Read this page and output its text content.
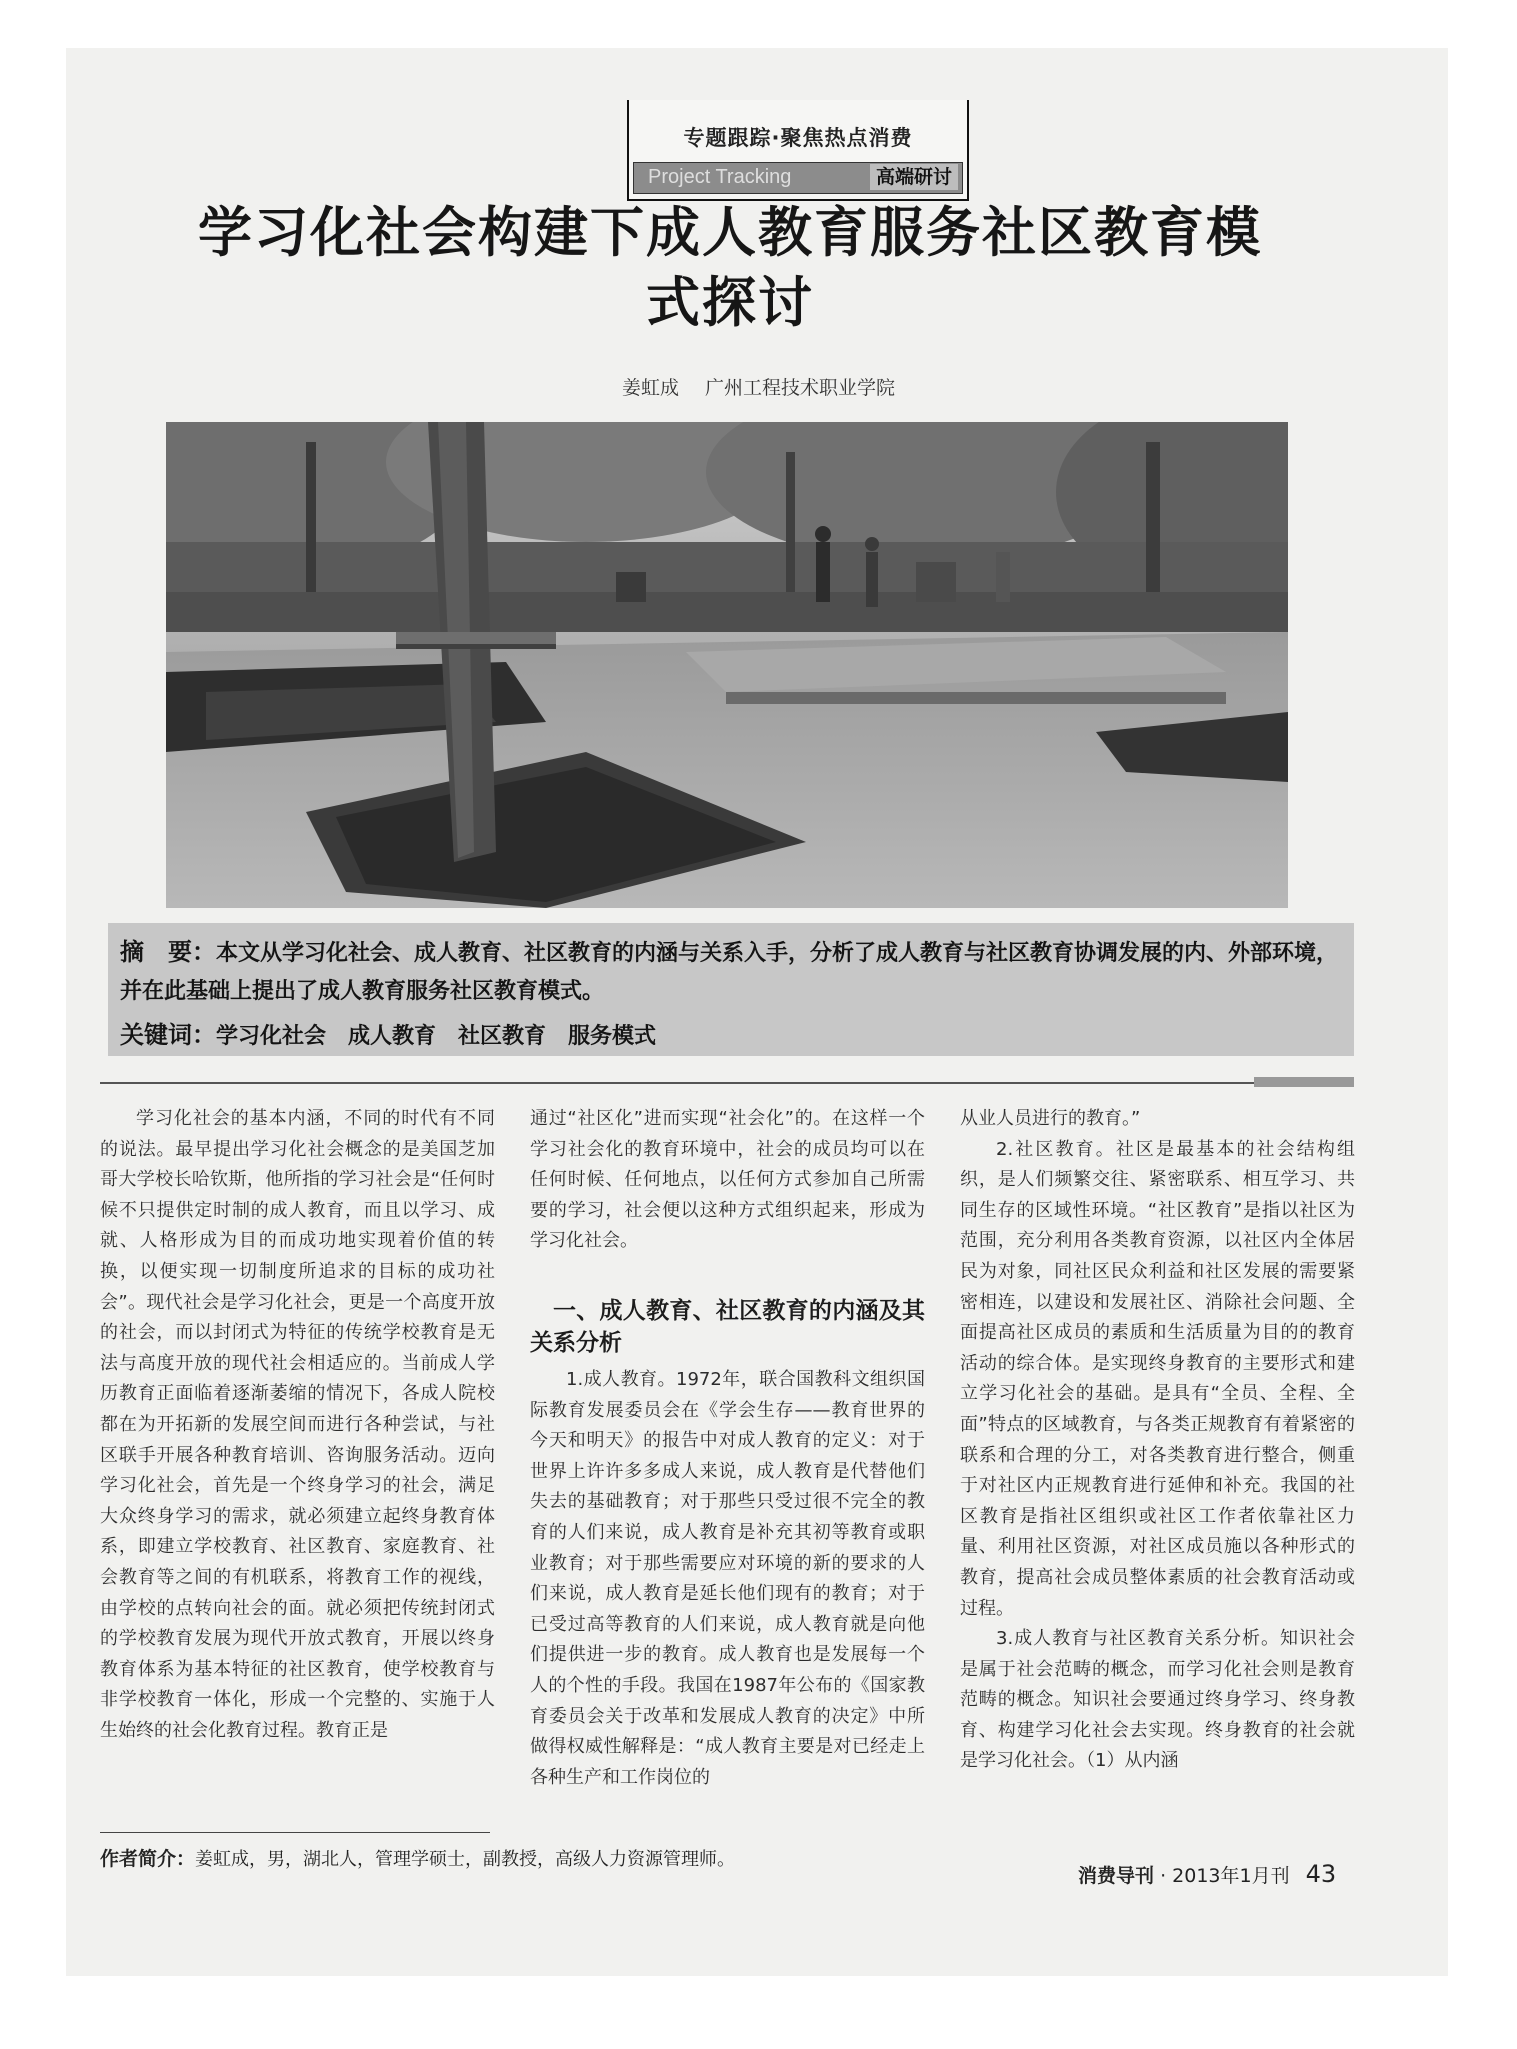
专题跟踪·聚焦热点消费
Project Tracking	高端研讨
学习化社会构建下成人教育服务社区教育模
式探讨
姜虹成 广州工程技术职业学院
摘　要：本文从学习化社会、成人教育、社区教育的内涵与关系入手，分析了成人教育与社区教育协调发展的内、外部环境，并在此基础上提出了成人教育服务社区教育模式。
关键词：学习化社会　成人教育　社区教育　服务模式

学习化社会的基本内涵，不同的时代有不同的说法。最早提出学习化社会概念的是美国芝加哥大学校长哈钦斯，他所指的学习社会是“任何时候不只提供定时制的成人教育，而且以学习、成就、人格形成为目的而成功地实现着价值的转换，以便实现一切制度所追求的目标的成功社会”。现代社会是学习化社会，更是一个高度开放的社会，而以封闭式为特征的传统学校教育是无法与高度开放的现代社会相适应的。当前成人学历教育正面临着逐渐萎缩的情况下，各成人院校都在为开拓新的发展空间而进行各种尝试，与社区联手开展各种教育培训、咨询服务活动。迈向学习化社会，首先是一个终身学习的社会，满足大众终身学习的需求，就必须建立起终身教育体系，即建立学校教育、社区教育、家庭教育、社会教育等之间的有机联系，将教育工作的视线，由学校的点转向社会的面。就必须把传统封闭式的学校教育发展为现代开放式教育，开展以终身教育体系为基本特征的社区教育，使学校教育与非学校教育一体化，形成一个完整的、实施于人生始终的社会化教育过程。教育正是

通过“社区化”进而实现“社会化”的。在这样一个学习社会化的教育环境中，社会的成员均可以在任何时候、任何地点，以任何方式参加自己所需要的学习，社会便以这种方式组织起来，形成为学习化社会。

一、成人教育、社区教育的内涵及其关系分析

1.成人教育。1972年，联合国教科文组织国际教育发展委员会在《学会生存——教育世界的今天和明天》的报告中对成人教育的定义：对于世界上许许多多成人来说，成人教育是代替他们失去的基础教育；对于那些只受过很不完全的教育的人们来说，成人教育是补充其初等教育或职业教育；对于那些需要应对环境的新的要求的人们来说，成人教育是延长他们现有的教育；对于已受过高等教育的人们来说，成人教育就是向他们提供进一步的教育。成人教育也是发展每一个人的个性的手段。我国在1987年公布的《国家教育委员会关于改革和发展成人教育的决定》中所做得权威性解释是：“成人教育主要是对已经走上各种生产和工作岗位的

从业人员进行的教育。”

2.社区教育。社区是最基本的社会结构组织，是人们频繁交往、紧密联系、相互学习、共同生存的区域性环境。“社区教育”是指以社区为范围，充分利用各类教育资源，以社区内全体居民为对象，同社区民众利益和社区发展的需要紧密相连，以建设和发展社区、消除社会问题、全面提高社区成员的素质和生活质量为目的的教育活动的综合体。是实现终身教育的主要形式和建立学习化社会的基础。是具有“全员、全程、全面”特点的区域教育，与各类正规教育有着紧密的联系和合理的分工，对各类教育进行整合，侧重于对社区内正规教育进行延伸和补充。我国的社区教育是指社区组织或社区工作者依靠社区力量、利用社区资源，对社区成员施以各种形式的教育，提高社会成员整体素质的社会教育活动或过程。

3.成人教育与社区教育关系分析。知识社会是属于社会范畴的概念，而学习化社会则是教育范畴的概念。知识社会要通过终身学习、终身教育、构建学习化社会去实现。终身教育的社会就是学习化社会。（1）从内涵

作者简介：姜虹成，男，湖北人，管理学硕士，副教授，高级人力资源管理师。
消费导刊 · 2013年1月刊 43
